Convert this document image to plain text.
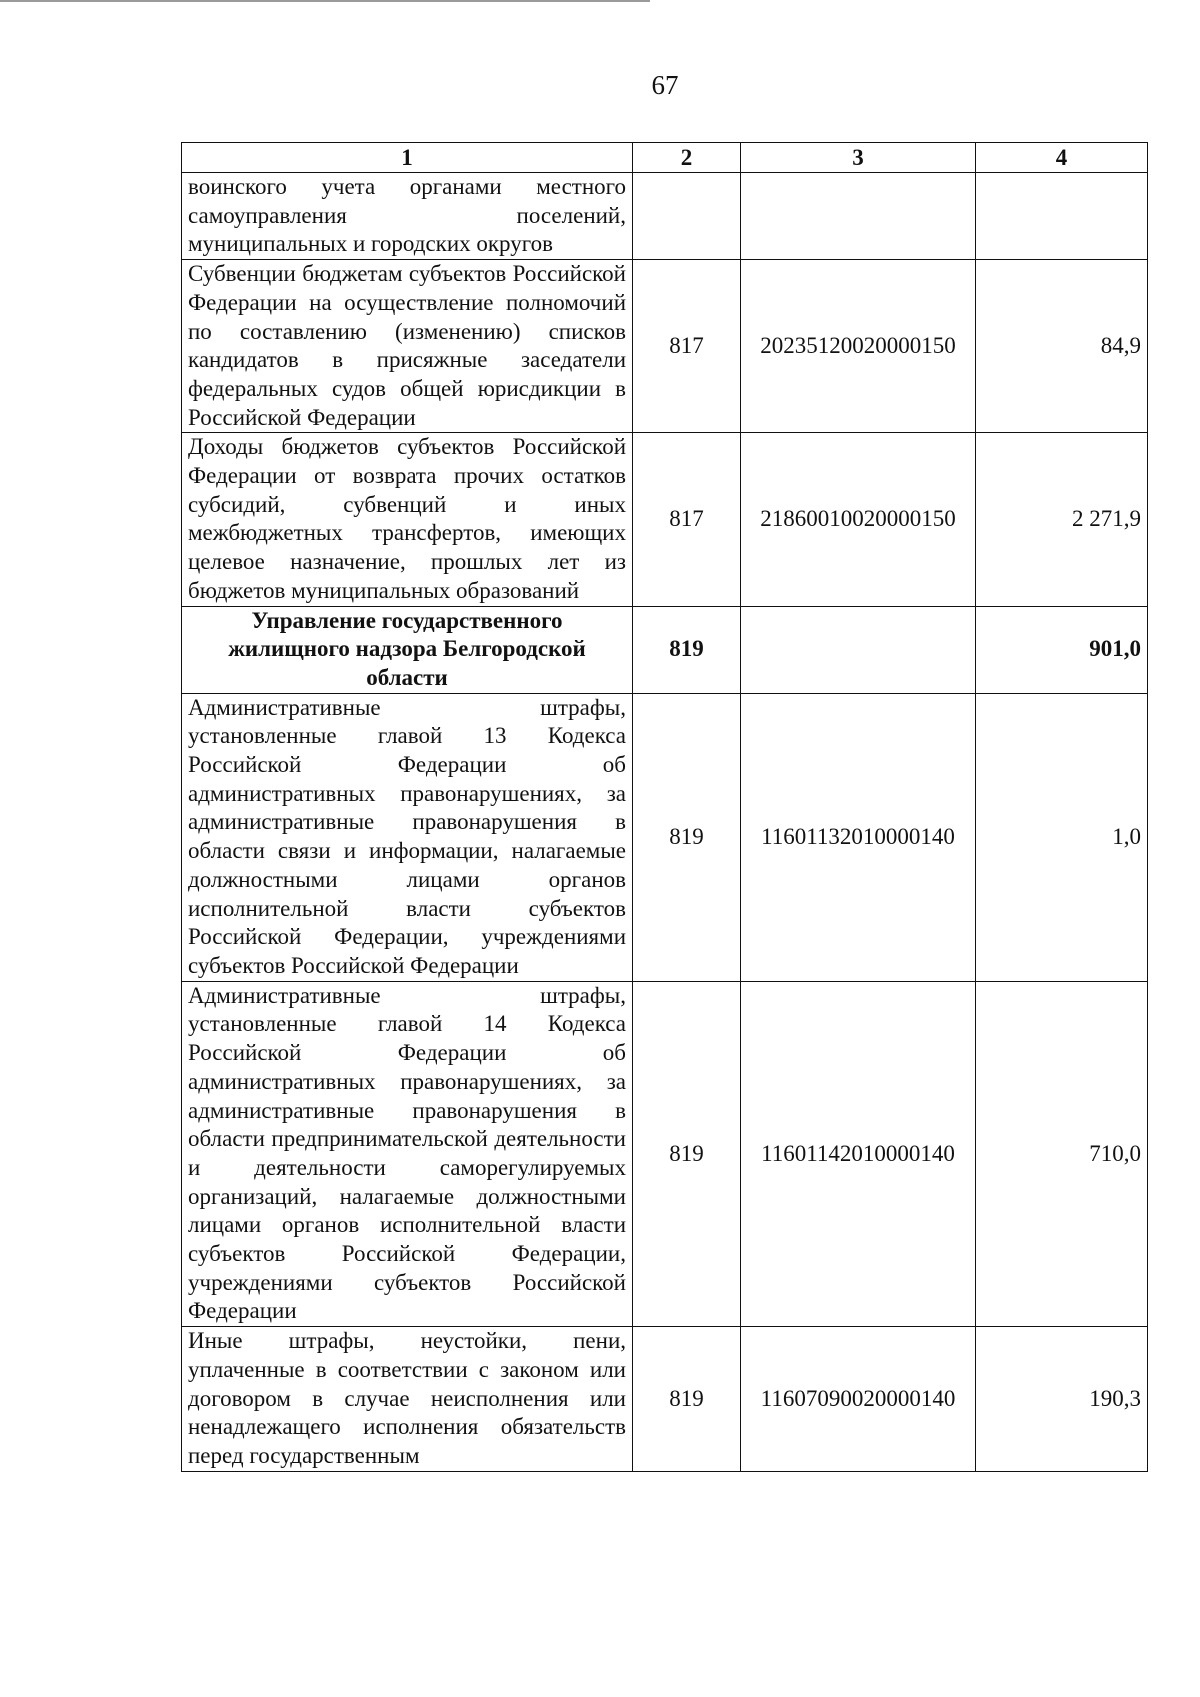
67
1	2	3	4
воинского учета органами местного самоуправления поселений, муниципальных и городских округов			
Субвенции бюджетам субъектов Российской Федерации на осуществление полномочий по составлению (изменению) списков кандидатов в присяжные заседатели федеральных судов общей юрисдикции в Российской Федерации	817	20235120020000150	84,9
Доходы бюджетов субъектов Российской Федерации от возврата прочих остатков субсидий, субвенций и иных межбюджетных трансфертов, имеющих целевое назначение, прошлых лет из бюджетов муниципальных образований	817	21860010020000150	2 271,9
Управление государственного жилищного надзора Белгородской области	819		901,0
Административные штрафы, установленные главой 13 Кодекса Российской Федерации об административных правонарушениях, за административные правонарушения в области связи и информации, налагаемые должностными лицами органов исполнительной власти субъектов Российской Федерации, учреждениями субъектов Российской Федерации	819	11601132010000140	1,0
Административные штрафы, установленные главой 14 Кодекса Российской Федерации об административных правонарушениях, за административные правонарушения в области предпринимательской деятельности и деятельности саморегулируемых организаций, налагаемые должностными лицами органов исполнительной власти субъектов Российской Федерации, учреждениями субъектов Российской Федерации	819	11601142010000140	710,0
Иные штрафы, неустойки, пени, уплаченные в соответствии с законом или договором в случае неисполнения или ненадлежащего исполнения обязательств перед государственным	819	11607090020000140	190,3
